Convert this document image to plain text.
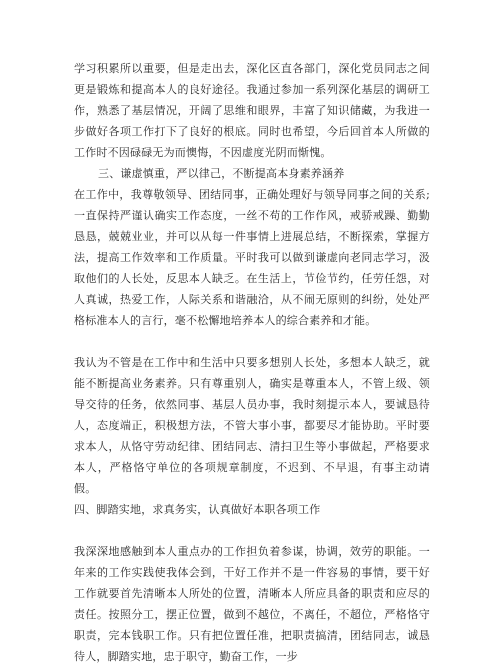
学习积累所以重要，但是走出去，深化区直各部门，深化党员同志之间更是锻炼和提高本人的良好途径。我通过参加一系列深化基层的调研工作，熟悉了基层情况，开阔了思维和眼界，丰富了知识储藏，为我进一步做好各项工作打下了良好的根底。同时也希望，今后回首本人所做的工作时不因碌碌无为而懊悔，不因虚度光阴而惭愧。

三、谦虚慎重，严以律己，不断提高本身素养涵养

在工作中，我尊敬领导、团结同事，正确处理好与领导同事之间的关系;一直保持严谨认确实工作态度，一丝不苟的工作作风，戒骄戒躁、勤勤恳恳，兢兢业业，并可以从每一件事情上进展总结，不断探索，掌握方法，提高工作效率和工作质量。平时我可以做到谦虚向老同志学习，汲取他们的人长处，反思本人缺乏。在生活上，节俭节约，任劳任怨，对人真诚，热爱工作，人际关系和谐融洽，从不闹无原则的纠纷，处处严格标准本人的言行，毫不松懈地培养本人的综合素养和才能。

我认为不管是在工作中和生活中只要多想别人长处，多想本人缺乏，就能不断提高业务素养。只有尊重别人，确实是尊重本人，不管上级、领导交待的任务，依然同事、基层人员办事，我时刻提示本人，要诚恳待人，态度端正，积极想方法，不管大事小事，都要尽才能协助。平时要求本人，从恪守劳动纪律、团结同志、清扫卫生等小事做起，严格要求本人，严格恪守单位的各项规章制度，不迟到、不早退，有事主动请假。

四、脚踏实地，求真务实，认真做好本职各项工作

我深深地感触到本人重点办的工作担负着参谋，协调，效劳的职能。一年来的工作实践使我体会到，干好工作并不是一件容易的事情，要干好工作就要首先清晰本人所处的位置，清晰本人所应具备的职责和应尽的责任。按照分工，摆正位置，做到不越位，不离任，不超位，严格恪守职责，完本钱职工作。只有把位置任准，把职责搞清，团结同志，诚恳待人，脚踏实地，忠于职守，勤奋工作，一步
